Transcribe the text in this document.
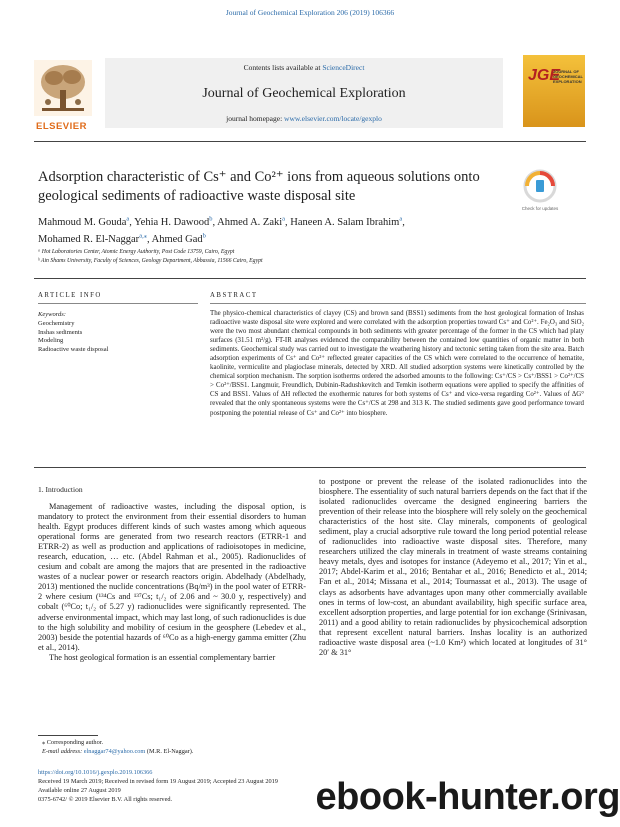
Journal of Geochemical Exploration 206 (2019) 106366
ELSEVIER
Contents lists available at ScienceDirect
Journal of Geochemical Exploration
journal homepage: www.elsevier.com/locate/gexplo
JGE
JOURNAL OF GEOCHEMICAL EXPLORATION
Adsorption characteristic of Cs⁺ and Co²⁺ ions from aqueous solutions onto
geological sediments of radioactive waste disposal site
Check for updates
Mahmoud M. Gouda$^a$, Yehia H. Dawood$^b$, Ahmed A. Zaki$^a$, Haneen A. Salam Ibrahim$^a$,
Mohamed R. El-Naggar$^{a,⁎}$, Ahmed Gad$^b$
ᵃ Hot Laboratories Center, Atomic Energy Authority, Post Code 13759, Cairo, Egypt
ᵇ Ain Shams University, Faculty of Sciences, Geology Department, Abbassia, 11566 Cairo, Egypt
ARTICLE INFO	ABSTRACT
Keywords:
Geochemistry
Inshas sediments
Modeling
Radioactive waste disposal
The physico-chemical characteristics of clayey (CS) and brown sand (BSS1) sediments from the host geological formation of Inshas radioactive waste disposal site were explored and were correlated with the adsorption properties toward Cs⁺ and Co²⁺. Fe₂O₃ and SiO₂ were the two most abundant chemical compounds in both sediments with greater percentage of the former in the CS which had platy surfaces (31.51 m²/g). FT-IR analyses evidenced the comparability between the contained low quantities of organic matter in both sediments. Geochemical study was carried out to investigate the weathering history and tectonic setting taken from the site area. Batch adsorption experiments of Cs⁺ and Co²⁺ reflected greater capacities of the CS which were correlated to the occurrence of hematite, kaolinite, vermiculite and plagioclase minerals, detected by XRD. All studied adsorption systems were kinetically controlled by the chemical sorption mechanism. The sorption isotherms ordered the adsorbed amounts to the following: Cs⁺/CS > Cs⁺/BSS1 > Co²⁺/CS > Co²⁺/BSS1. Langmuir, Freundlich, Dubinin-Radushkevitch and Temkin isotherm equations were applied to specify the affinities of CS and BSS1. Values of ΔH reflected the exothermic natures for both systems of Cs⁺ and vice-versa regarding Co²⁺. Values of ΔG° revealed that the only spontaneous systems were the Cs⁺/CS at 298 and 313 K. The studied sediments gave good performance toward postponing the potential release of Cs⁺ and Co²⁺ into biosphere.
1. Introduction

Management of radioactive wastes, including the disposal option, is mandatory to protect the environment from their essential disorders to human health. Egypt produces different kinds of such wastes among which aqueous operational forms are generated from two research reactors (ETRR-1 and ETRR-2) as well as production and applications of radioisotopes in medicine, research, education, … etc. (Abdel Rahman et al., 2005). Radionuclides of cesium and cobalt are among the majors that are presented in the radioactive wastes of a nuclear power or research reactors origin. Abdelhady (Abdelhady, 2013) mentioned the nuclide concentrations (Bq/m³) in the pool water of ETRR-2 where cesium (¹³⁴Cs and ¹³⁷Cs; t₁/₂ of 2.06 and ~ 30.0 y, respectively) and cobalt (⁶⁰Co; t₁/₂ of 5.27 y) radionuclides were significantly represented. The adverse environmental impact, which may last long, of such radionuclides is due to the high solubility and mobility of cesium in the geosphere (Lebedev et al., 2003) beside the potential hazards of ⁶⁰Co as a high-energy gamma emitter (Zhu et al., 2014).

The host geological formation is an essential complementary barrier

to postpone or prevent the release of the isolated radionuclides into the biosphere. The essentiality of such natural barriers depends on the fact that if the isolated radionuclides overcame the designed engineering barriers the prevention of their release into the biosphere will rely solely on the geochemical characteristics of the host site. Clay minerals, components of geological sediment, play a crucial adsorptive rule toward the long period potential release of radionuclides into radioactive waste disposal sites. Therefore, many researchers utilized the clay minerals in treatment of waste streams containing heavy metals, dyes and isotopes for instance (Adeyemo et al., 2017; Yin et al., 2017; Abdel-Karim et al., 2016; Bentahar et al., 2016; Benedicto et al., 2014; Fan et al., 2014; Missana et al., 2014; Tournassat et al., 2013). The usage of clays as adsorbents have advantages upon many other commercially available ones in terms of low-cost, an abundant availability, high specific surface area, excellent adsorption properties, and large potential for ion exchange (Srinivasan, 2011) and a good ability to retain radionuclides by physicochemical adsorption that represent excellent natural barriers. Inshas locality is an authorized radioactive waste disposal area (~1.0 Km²) which located at longitudes of 31° 20′ & 31°

⁎ Corresponding author.
E-mail address: elnaggar74@yahoo.com (M.R. El-Naggar).
https://doi.org/10.1016/j.gexplo.2019.106366
Received 19 March 2019; Received in revised form 19 August 2019; Accepted 23 August 2019
Available online 27 August 2019
0375-6742/ © 2019 Elsevier B.V. All rights reserved.	ebook-hunter.org
